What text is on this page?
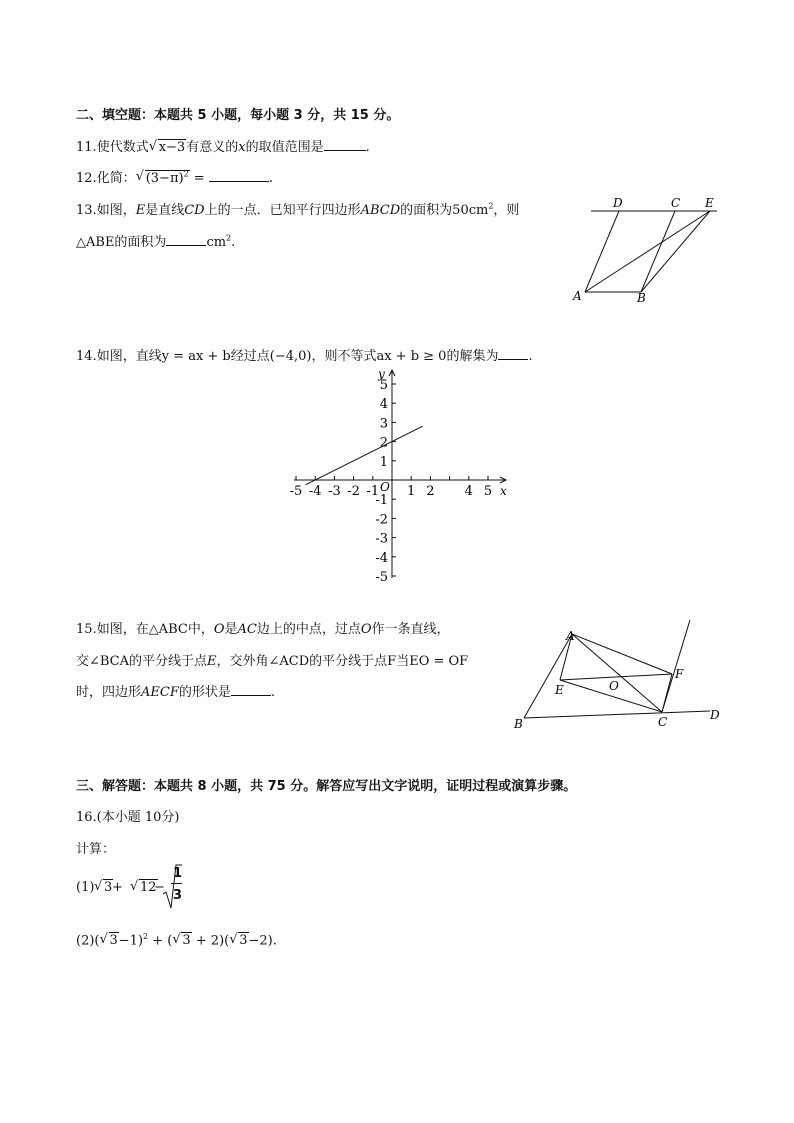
二、填空题：本题共 5 小题，每小题 3 分，共 15 分。
11.使代数式 √ x−3有意义的x的取值范围是	.
12.化简： √ $(3-\pi)^2$ =	.
13.如图，E是直线CD上的一点．已知平行四边形ABCD的面积为$50cm^2$，则
△ABE的面积为	$cm^2$.
D	C E
A	B
14.如图，直线y = ax + b经过点(−4,0)，则不等式ax + b ≥ 0的解集为 .
-5 -4 -3 -2 -1 1 2 4 5
5
4
3
2
1
-1
-2
-3
-4
-5
x
y
O
15.如图，在△ABC中，O是AC边上的中点，过点O作一条直线，
交∠BCA的平分线于点E，交外角∠ACD的平分线于点F当EO = OF
时，四边形AECF的形状是	.
A
F
E	O
B	C	D
三、解答题：本题共 8 小题，共 75 分。解答应写出文字说明，证明过程或演算步骤。
16.(本小题 10分)
计算：
(1) √ 3 +	√ 12
−
1
3
(2)( √ 3−1)$^2$ + ( √ 3 + 2)( √ 3−2).
